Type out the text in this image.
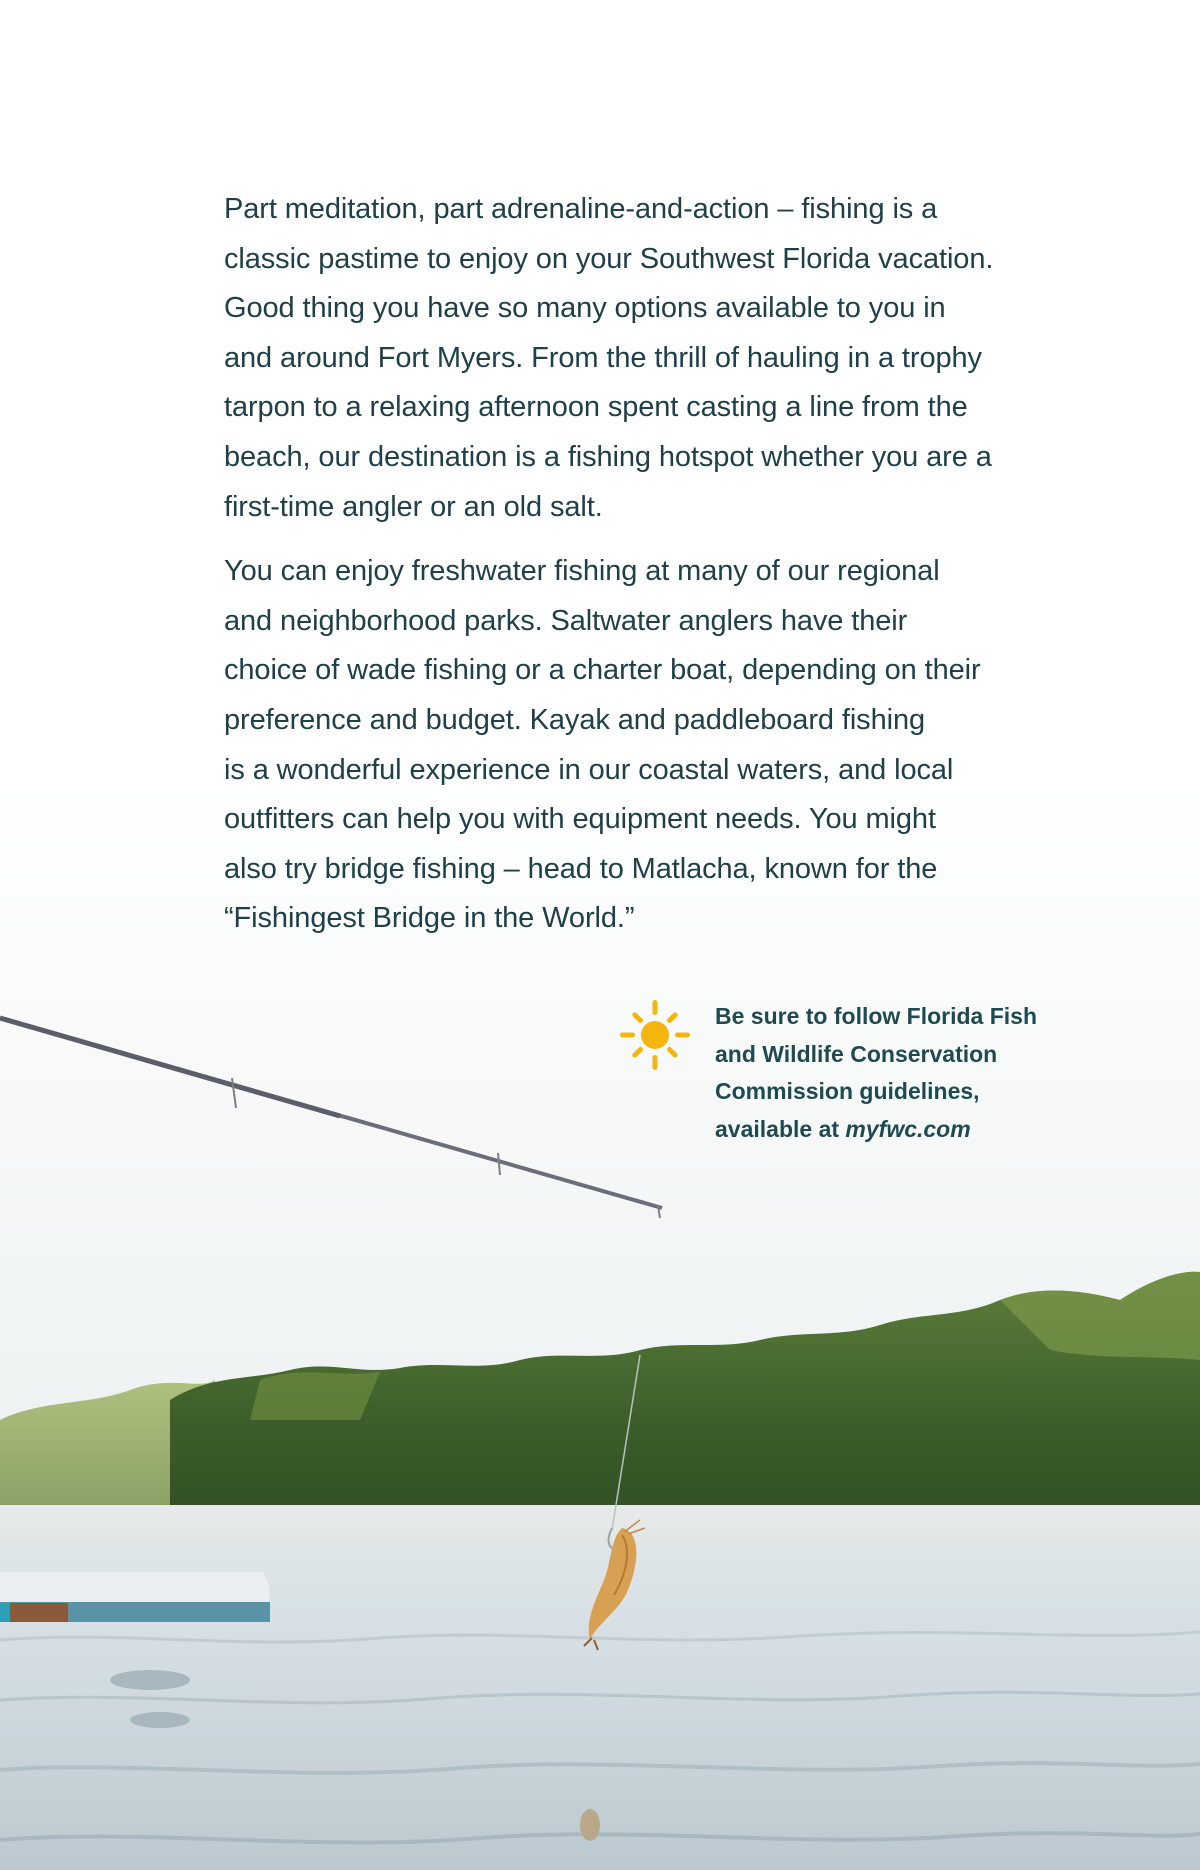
Part meditation, part adrenaline-and-action – fishing is a
classic pastime to enjoy on your Southwest Florida vacation.
Good thing you have so many options available to you in
and around Fort Myers. From the thrill of hauling in a trophy
tarpon to a relaxing afternoon spent casting a line from the
beach, our destination is a fishing hotspot whether you are a
first-time angler or an old salt.

You can enjoy freshwater fishing at many of our regional
and neighborhood parks. Saltwater anglers have their
choice of wade fishing or a charter boat, depending on their
preference and budget. Kayak and paddleboard fishing
is a wonderful experience in our coastal waters, and local
outfitters can help you with equipment needs. You might
also try bridge fishing – head to Matlacha, known for the
“Fishingest Bridge in the World.”

Be sure to follow Florida Fish
and Wildlife Conservation
Commission guidelines,
available at myfwc.com
